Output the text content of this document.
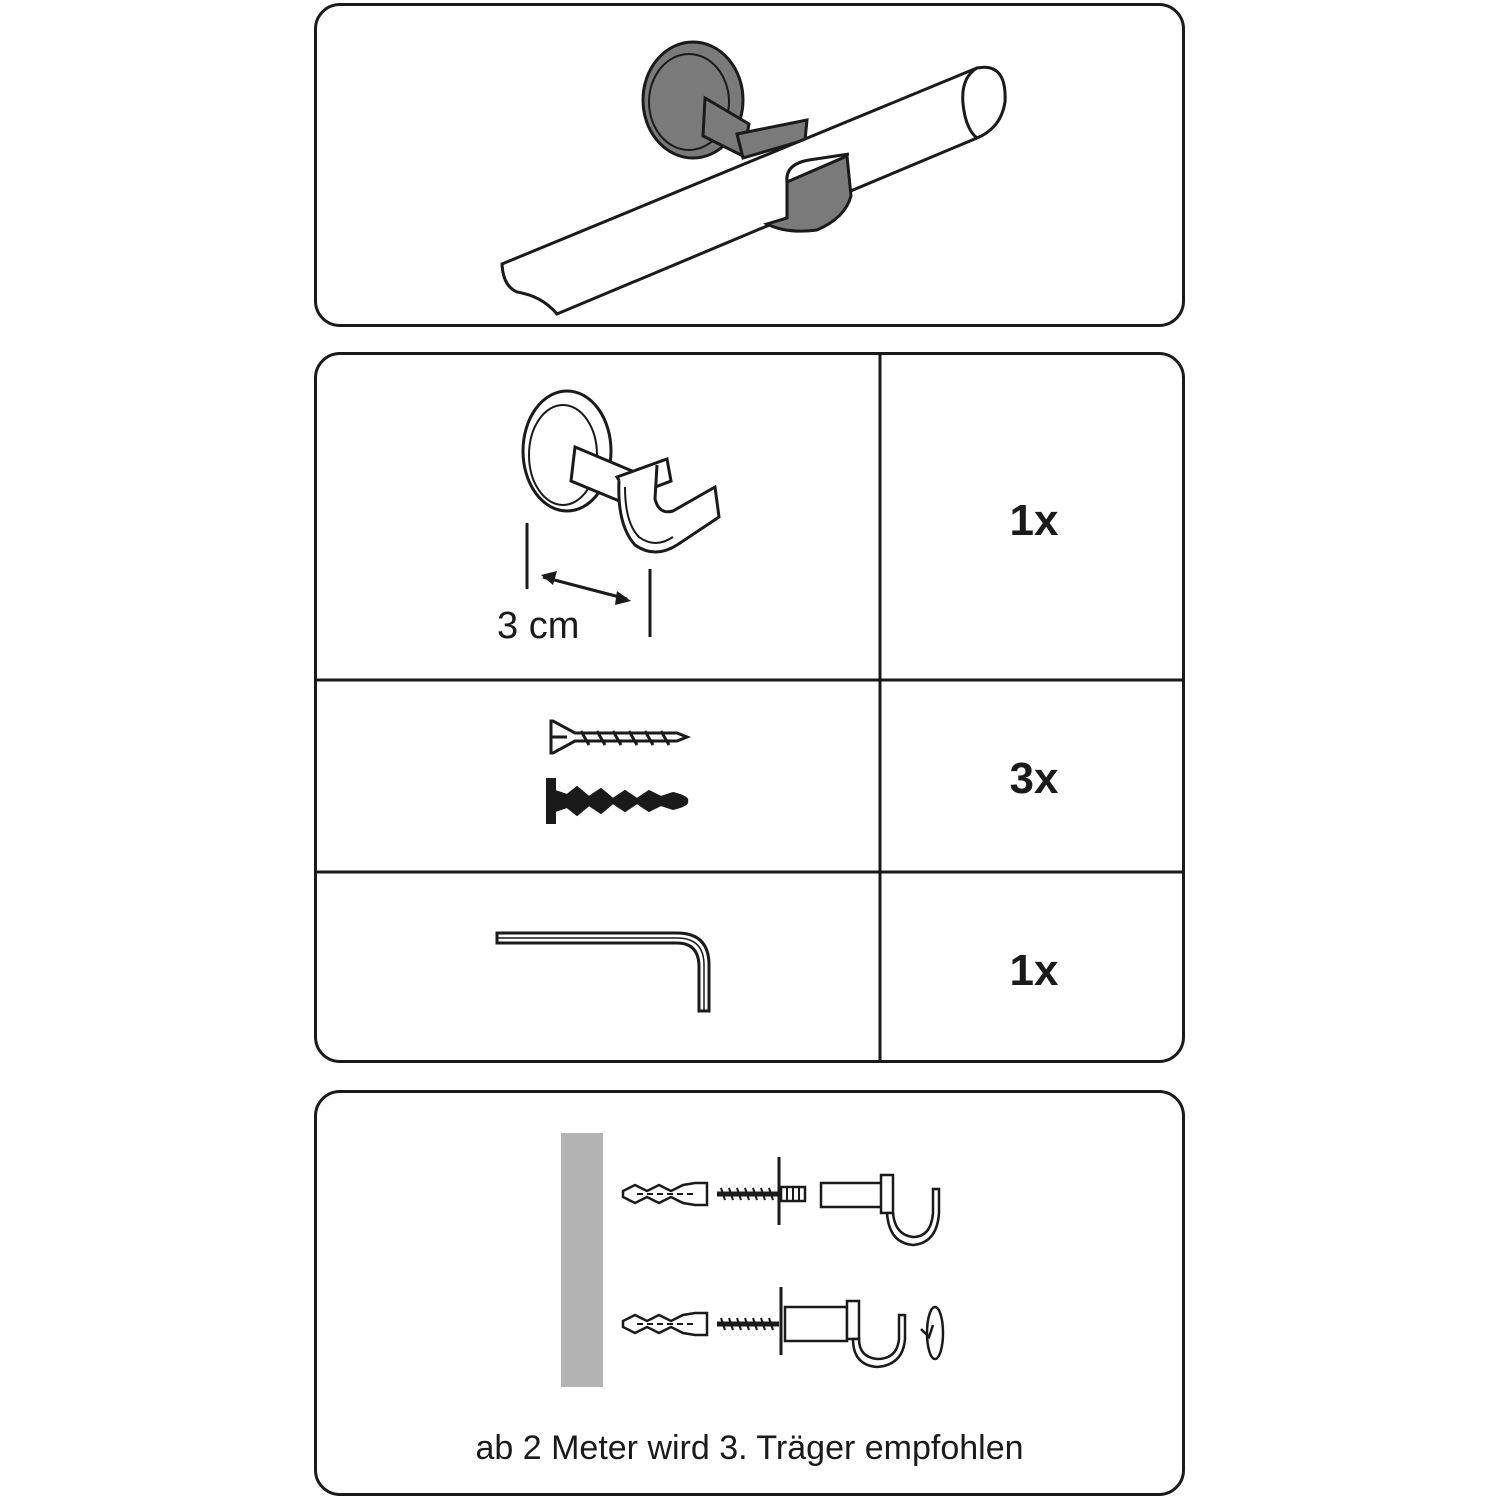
3 cm
1x
3x
1x
ab 2 Meter wird 3. Träger empfohlen
